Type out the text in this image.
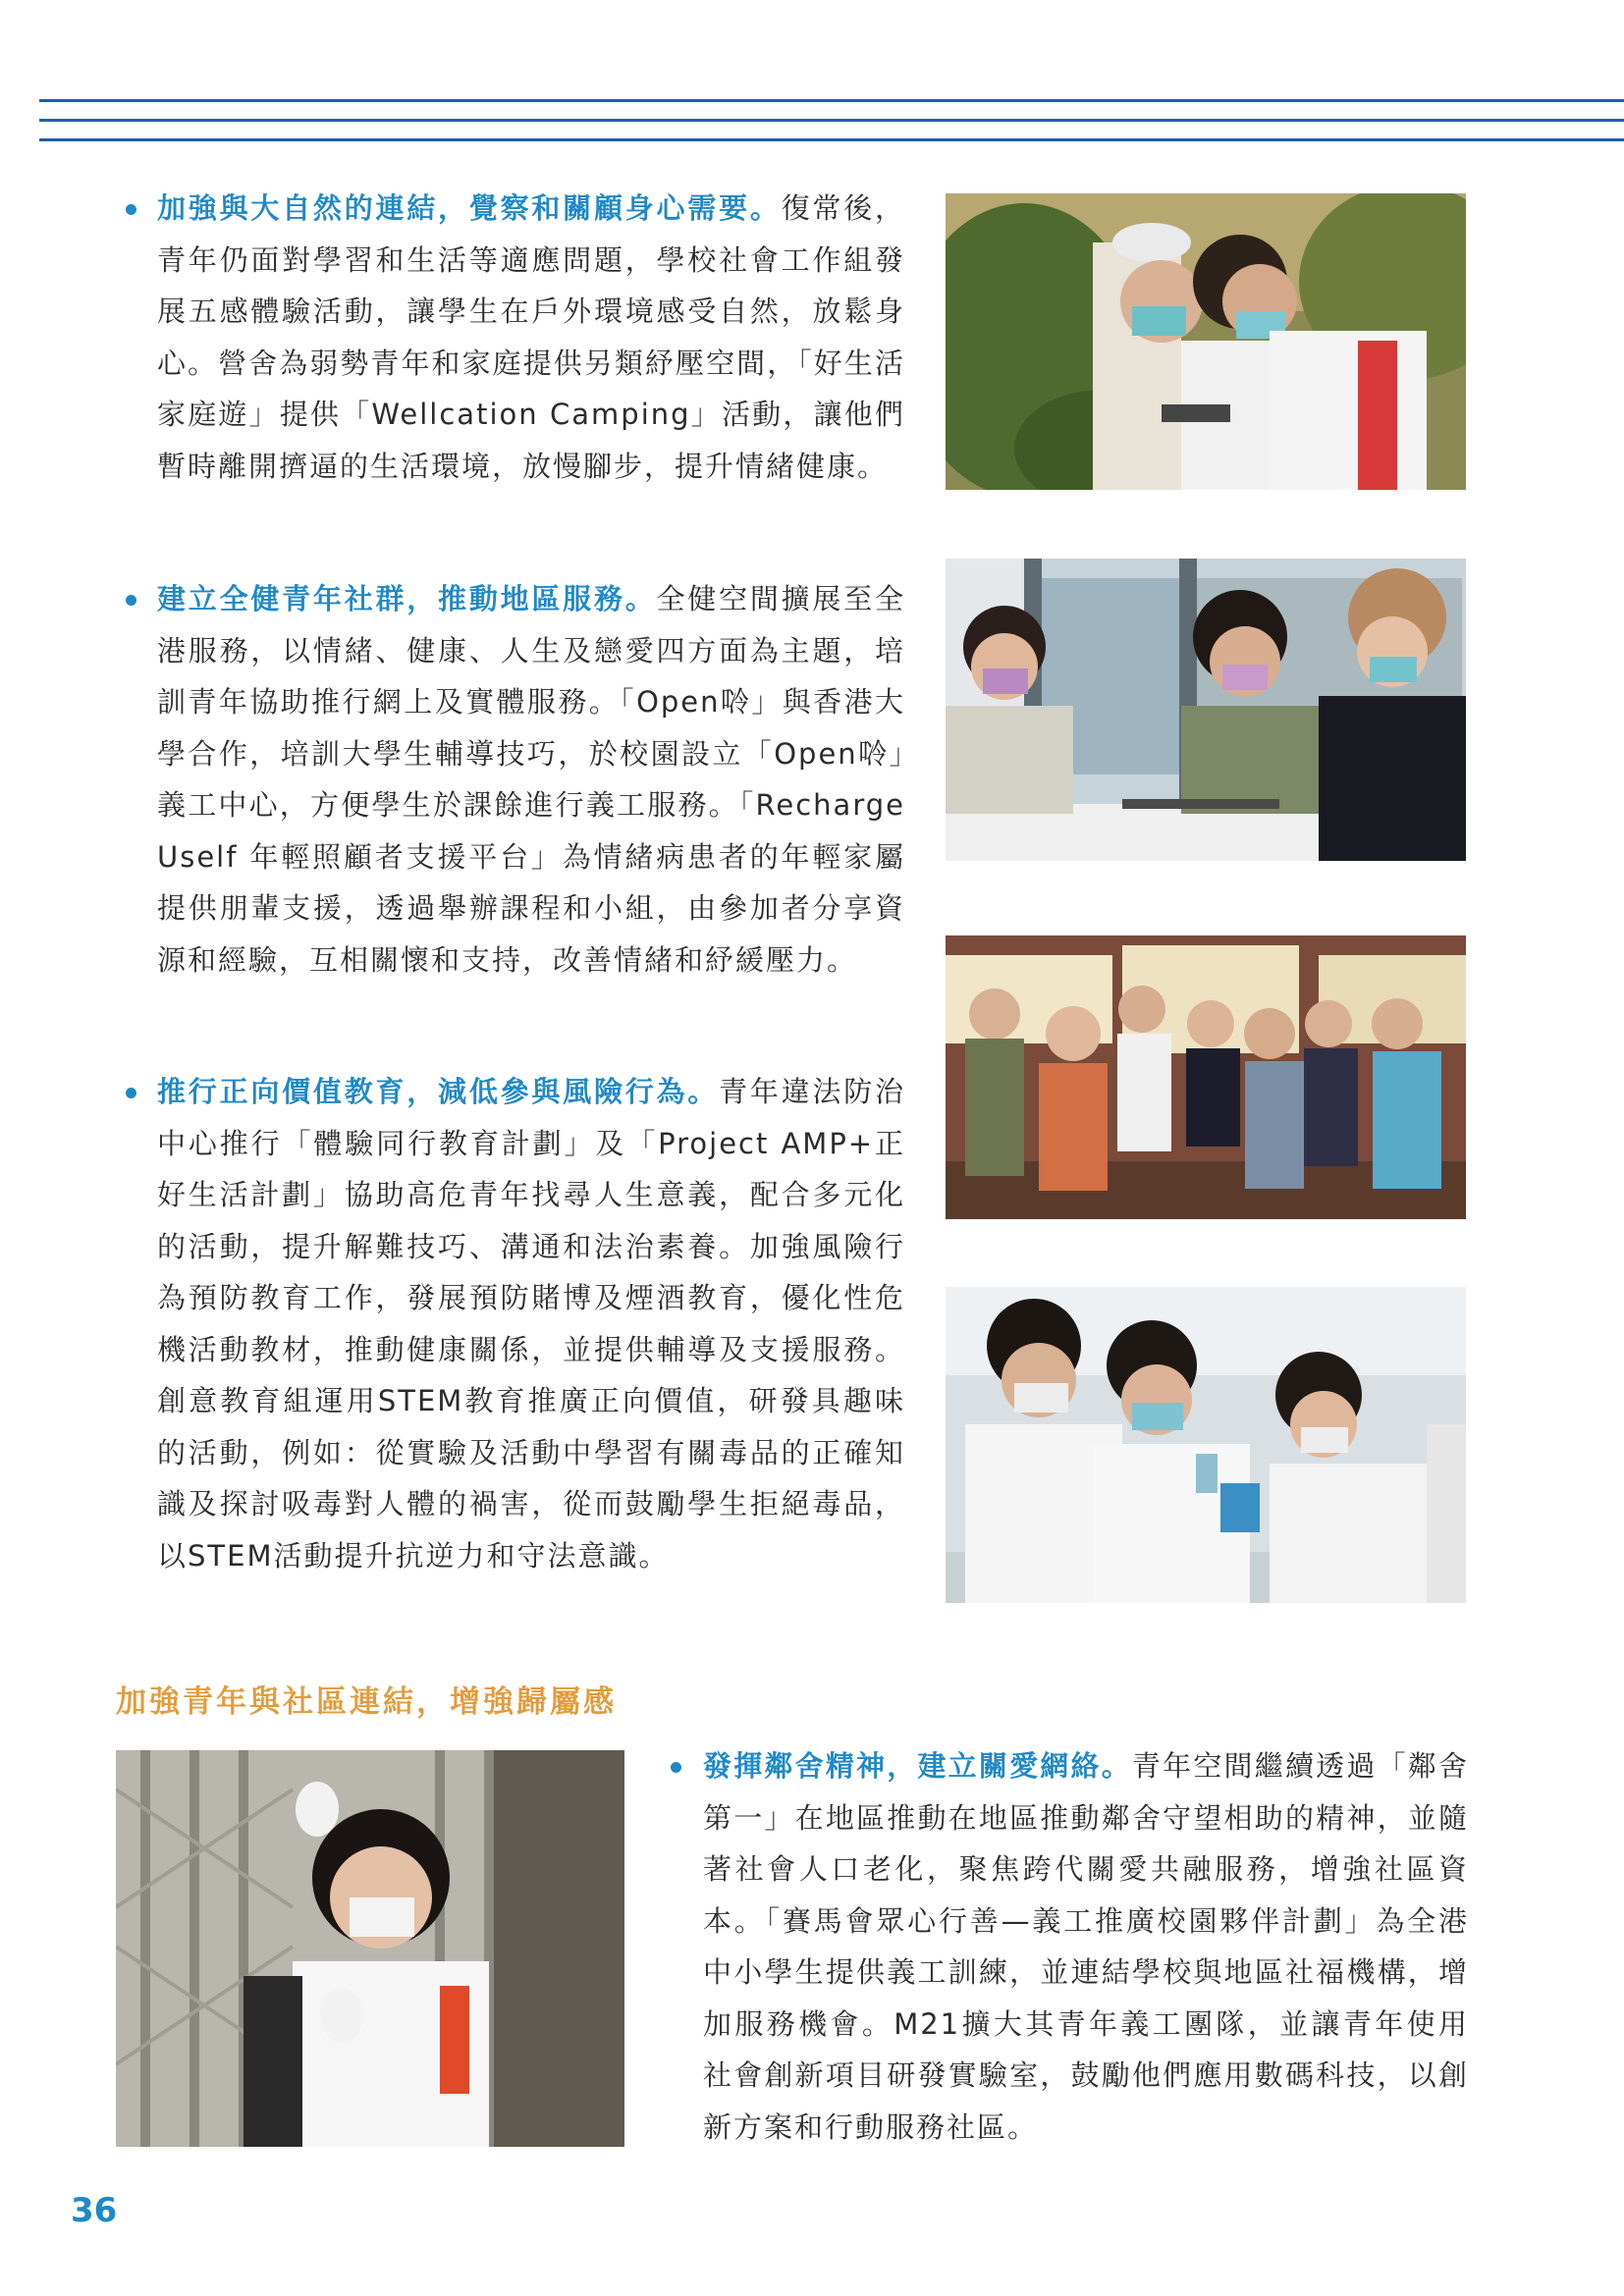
加強與大自然的連結，覺察和關顧身心需要。復常後，青年仍面對學習和生活等適應問題，學校社會工作組發展五感體驗活動，讓學生在戶外環境感受自然，放鬆身心。營舍為弱勢青年和家庭提供另類紓壓空間，「好生活家庭遊」提供「Wellcation Camping」活動，讓他們暫時離開擠逼的生活環境，放慢腳步，提升情緒健康。

建立全健青年社群，推動地區服務。全健空間擴展至全港服務，以情緒、健康、人生及戀愛四方面為主題，培訓青年協助推行網上及實體服務。「Open唥」與香港大學合作，培訓大學生輔導技巧，於校園設立「Open唥」義工中心，方便學生於課餘進行義工服務。「Recharge Uself 年輕照顧者支援平台」為情緒病患者的年輕家屬提供朋輩支援，透過舉辦課程和小組，由參加者分享資源和經驗，互相關懷和支持，改善情緒和紓緩壓力。

推行正向價值教育，減低參與風險行為。青年違法防治中心推行「體驗同行教育計劃」及「Project AMP+正好生活計劃」協助高危青年找尋人生意義，配合多元化的活動，提升解難技巧、溝通和法治素養。加強風險行為預防教育工作，發展預防賭博及煙酒教育，優化性危機活動教材，推動健康關係，並提供輔導及支援服務。創意教育組運用STEM教育推廣正向價值，研發具趣味的活動，例如：從實驗及活動中學習有關毒品的正確知識及探討吸毒對人體的禍害，從而鼓勵學生拒絕毒品，以STEM活動提升抗逆力和守法意識。

加強青年與社區連結，增強歸屬感

發揮鄰舍精神，建立關愛網絡。青年空間繼續透過「鄰舍第一」在地區推動在地區推動鄰舍守望相助的精神，並隨著社會人口老化，聚焦跨代關愛共融服務，增強社區資本。「賽馬會眾心行善—義工推廣校園夥伴計劃」為全港中小學生提供義工訓練，並連結學校與地區社福機構，增加服務機會。M21擴大其青年義工團隊，並讓青年使用社會創新項目研發實驗室，鼓勵他們應用數碼科技，以創新方案和行動服務社區。

36
